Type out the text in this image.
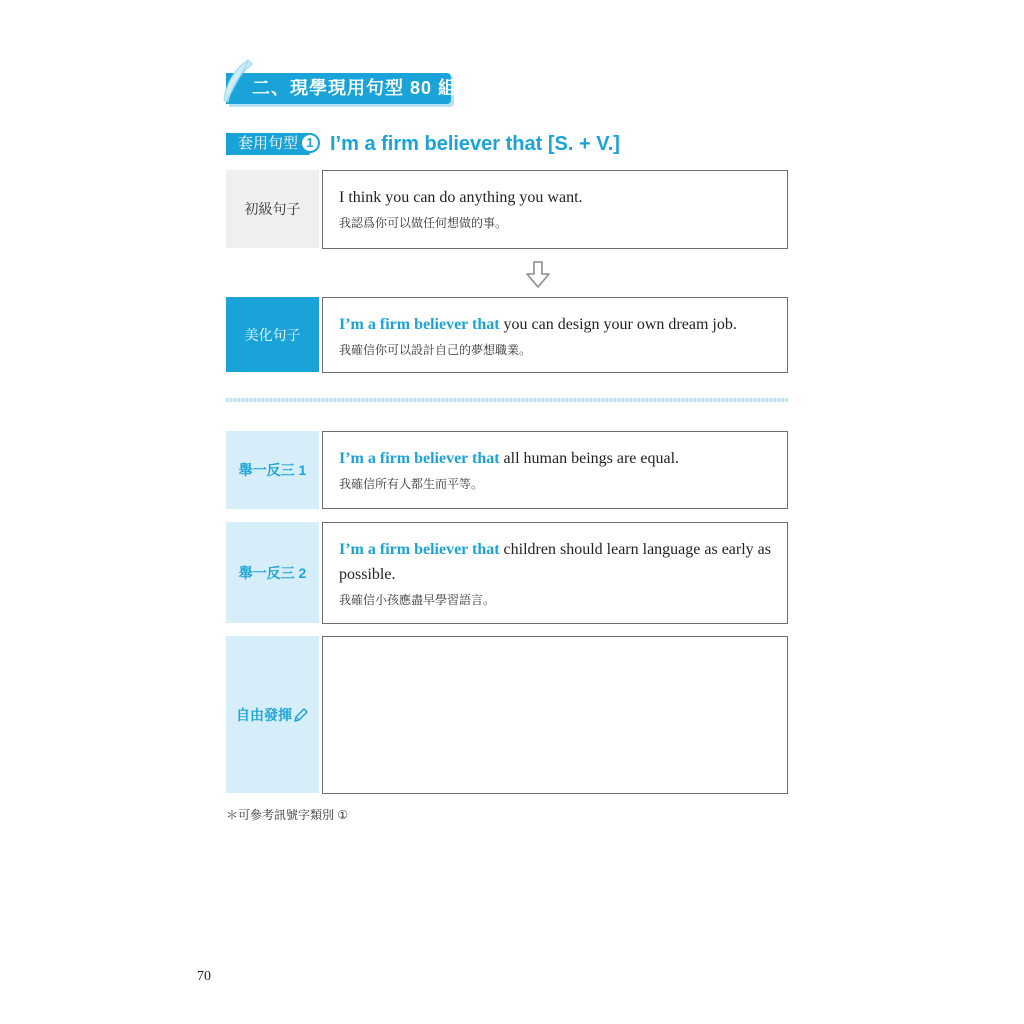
二、現學現用句型 80 組
套用句型 1 I’m a firm believer that [S. + V.]
初級句子
I think you can do anything you want.
我認爲你可以做任何想做的事。
美化句子
I’m a firm believer that you can design your own dream job.
我確信你可以設計自己的夢想職業。
舉一反三 1
I’m a firm believer that all human beings are equal.
我確信所有人都生而平等。
舉一反三 2
I’m a firm believer that children should learn language as early as possible.
我確信小孩應盡早學習語言。
自由發揮
＊可參考訊號字類別 ①
70
